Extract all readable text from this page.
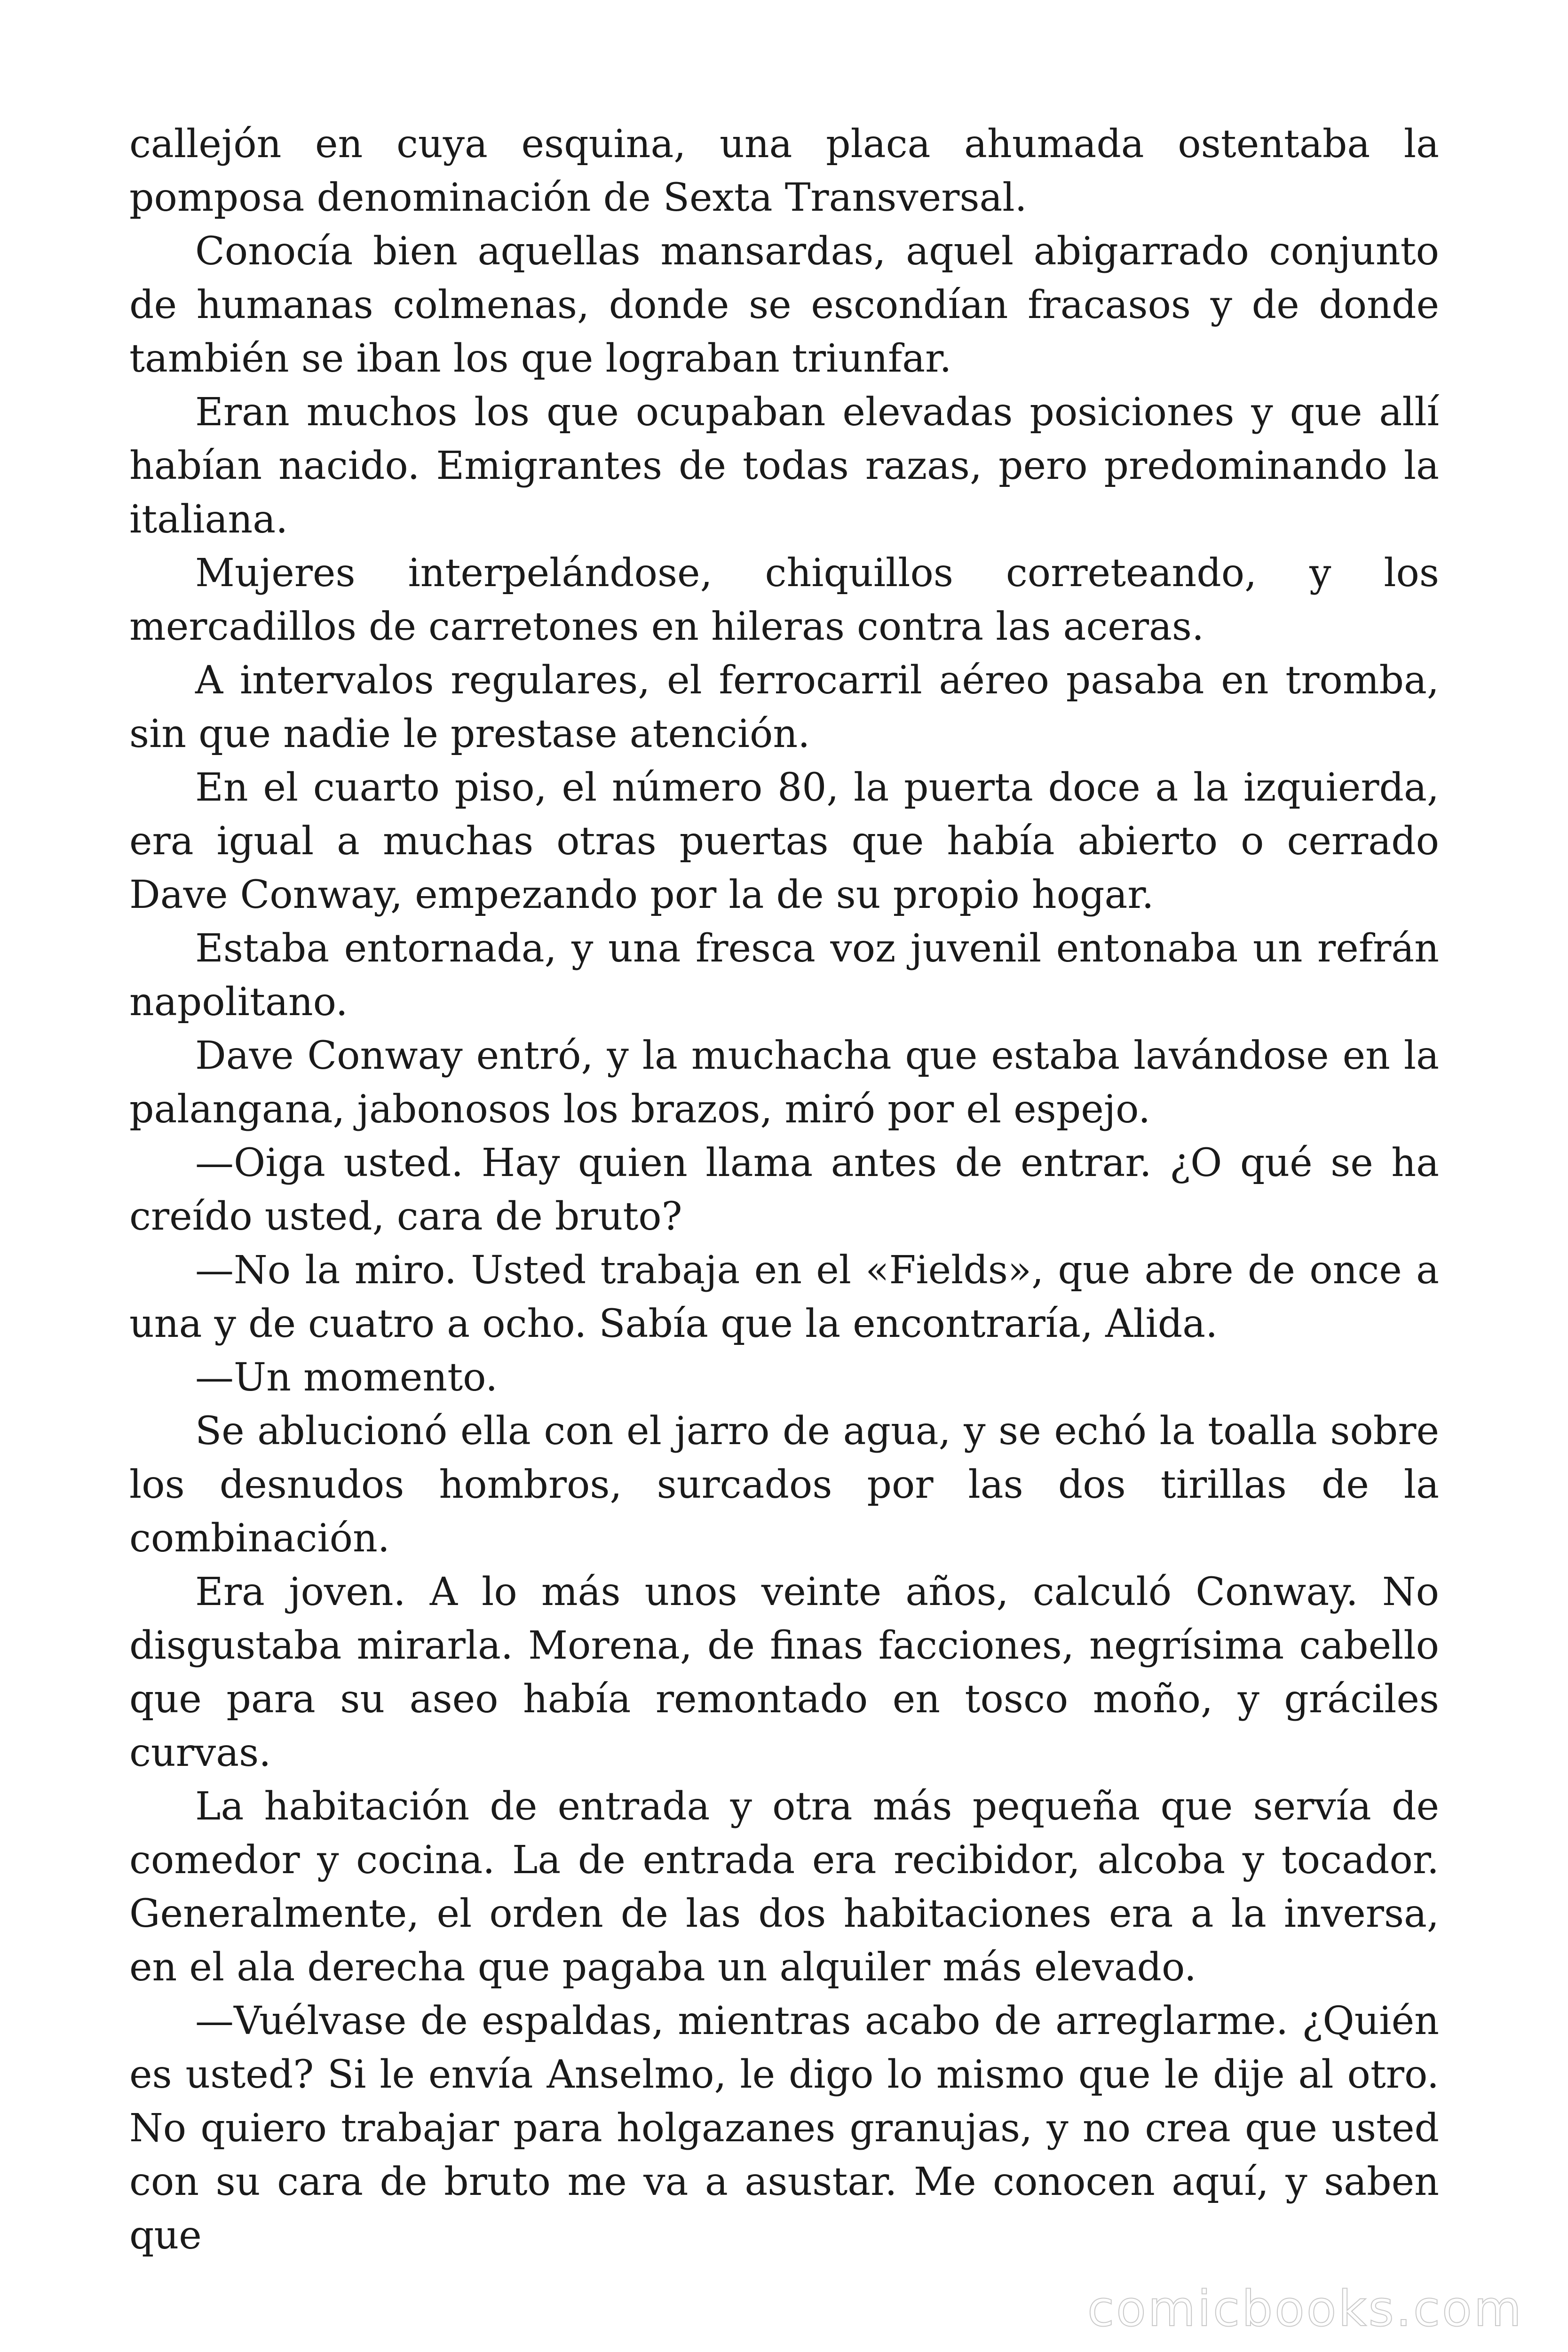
callejón en cuya esquina, una placa ahumada ostentaba la pomposa denominación de Sexta Transversal.

Conocía bien aquellas mansardas, aquel abigarrado conjunto de humanas colmenas, donde se escondían fracasos y de donde también se iban los que lograban triunfar.

Eran muchos los que ocupaban elevadas posiciones y que allí habían nacido. Emigrantes de todas razas, pero predominando la italiana.

Mujeres interpelándose, chiquillos correteando, y los mercadillos de carretones en hileras contra las aceras.

A intervalos regulares, el ferrocarril aéreo pasaba en tromba, sin que nadie le prestase atención.

En el cuarto piso, el número 80, la puerta doce a la izquierda, era igual a muchas otras puertas que había abierto o cerrado Dave Conway, empezando por la de su propio hogar.

Estaba entornada, y una fresca voz juvenil entonaba un refrán napolitano.

Dave Conway entró, y la muchacha que estaba lavándose en la palangana, jabonosos los brazos, miró por el espejo.

—Oiga usted. Hay quien llama antes de entrar. ¿O qué se ha creído usted, cara de bruto?

—No la miro. Usted trabaja en el «Fields», que abre de once a una y de cuatro a ocho. Sabía que la encontraría, Alida.

—Un momento.

Se ablucionó ella con el jarro de agua, y se echó la toalla sobre los desnudos hombros, surcados por las dos tirillas de la combinación.

Era joven. A lo más unos veinte años, calculó Conway. No disgustaba mirarla. Morena, de finas facciones, negrísima cabello que para su aseo había remontado en tosco moño, y gráciles curvas.

La habitación de entrada y otra más pequeña que servía de comedor y cocina. La de entrada era recibidor, alcoba y tocador. Generalmente, el orden de las dos habitaciones era a la inversa, en el ala derecha que pagaba un alquiler más elevado.

—Vuélvase de espaldas, mientras acabo de arreglarme. ¿Quién es usted? Si le envía Anselmo, le digo lo mismo que le dije al otro. No quiero trabajar para holgazanes granujas, y no crea que usted con su cara de bruto me va a asustar. Me conocen aquí, y saben que

comicbooks.com
